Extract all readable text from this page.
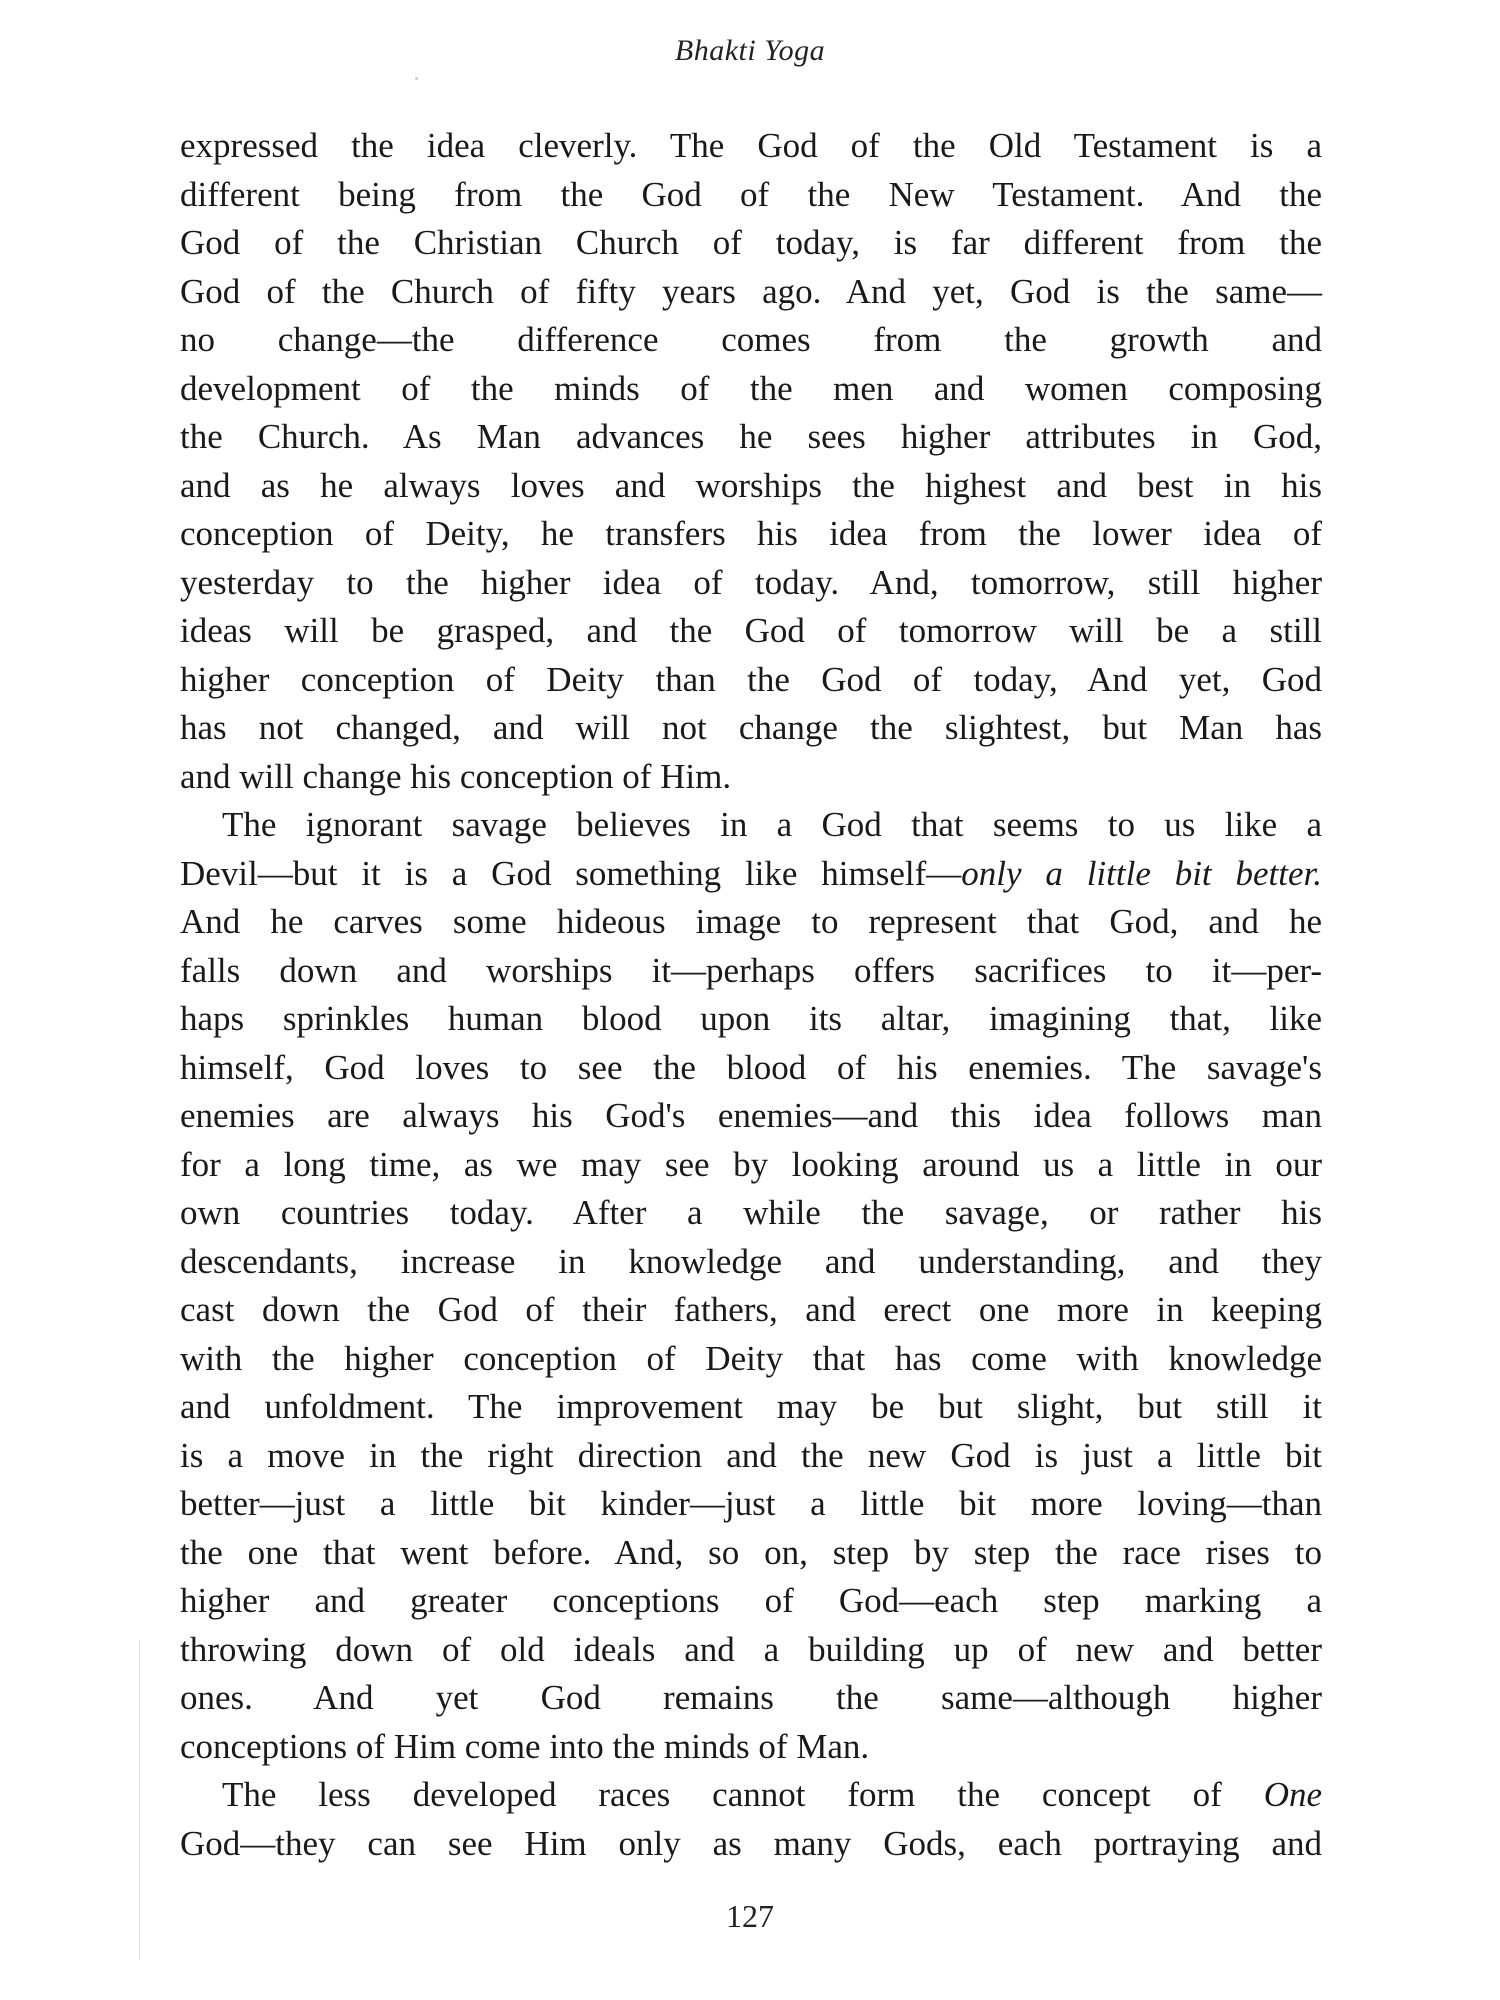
Bhakti Yoga
expressed the idea cleverly. The God of the Old Testament is a
different being from the God of the New Testament. And the
God of the Christian Church of today, is far different from the
God of the Church of fifty years ago. And yet, God is the same—
no change—the difference comes from the growth and
development of the minds of the men and women composing
the Church. As Man advances he sees higher attributes in God,
and as he always loves and worships the highest and best in his
conception of Deity, he transfers his idea from the lower idea of
yesterday to the higher idea of today. And, tomorrow, still higher
ideas will be grasped, and the God of tomorrow will be a still
higher conception of Deity than the God of today, And yet, God
has not changed, and will not change the slightest, but Man has
and will change his conception of Him.
The ignorant savage believes in a God that seems to us like a
Devil—but it is a God something like himself—only a little bit better.
And he carves some hideous image to represent that God, and he
falls down and worships it—perhaps offers sacrifices to it—per-
haps sprinkles human blood upon its altar, imagining that, like
himself, God loves to see the blood of his enemies. The savage's
enemies are always his God's enemies—and this idea follows man
for a long time, as we may see by looking around us a little in our
own countries today. After a while the savage, or rather his
descendants, increase in knowledge and understanding, and they
cast down the God of their fathers, and erect one more in keeping
with the higher conception of Deity that has come with knowledge
and unfoldment. The improvement may be but slight, but still it
is a move in the right direction and the new God is just a little bit
better—just a little bit kinder—just a little bit more loving—than
the one that went before. And, so on, step by step the race rises to
higher and greater conceptions of God—each step marking a
throwing down of old ideals and a building up of new and better
ones. And yet God remains the same—although higher
conceptions of Him come into the minds of Man.
The less developed races cannot form the concept of One
God—they can see Him only as many Gods, each portraying and
127
